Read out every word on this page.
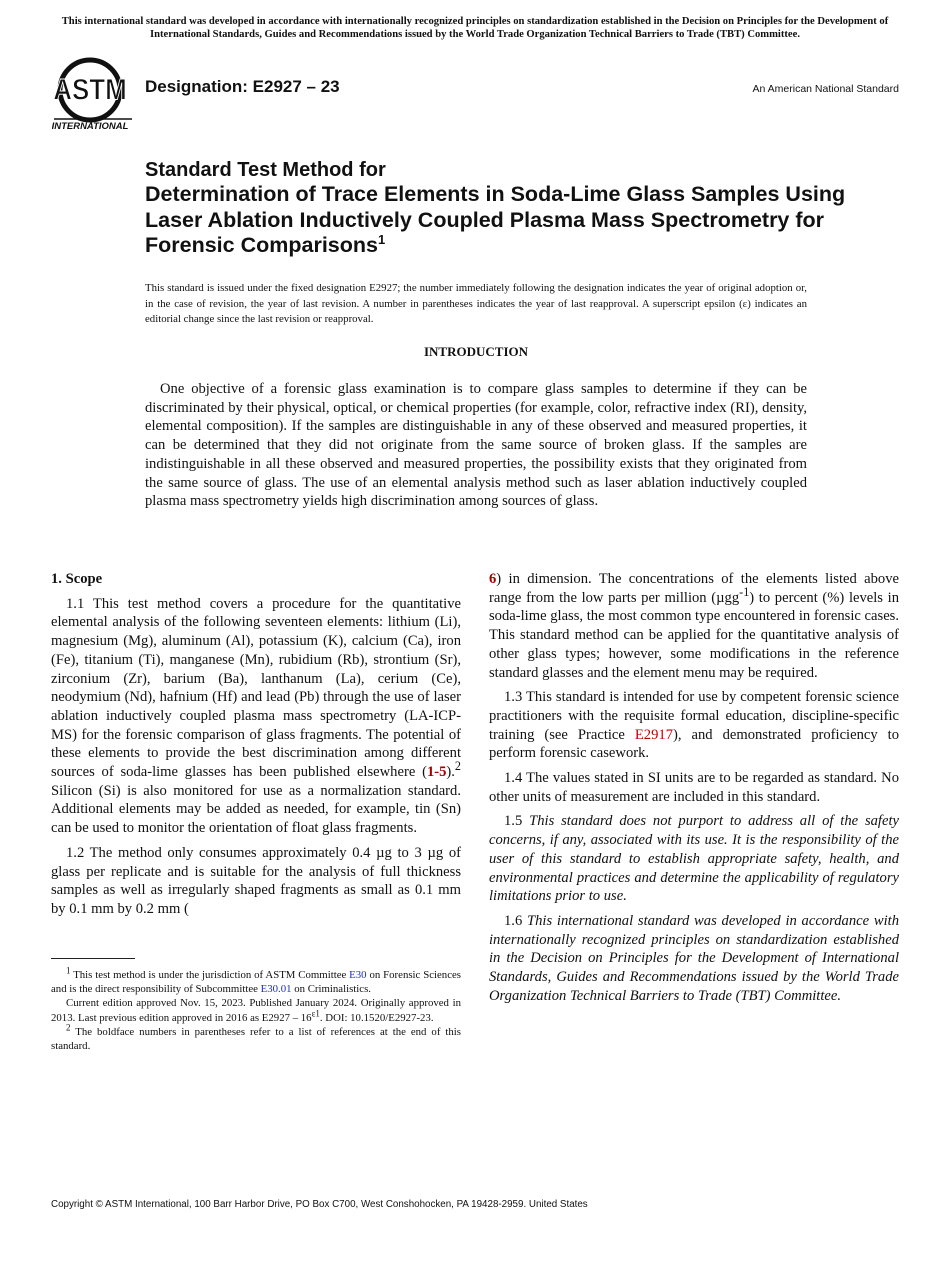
This international standard was developed in accordance with internationally recognized principles on standardization established in the Decision on Principles for the Development of International Standards, Guides and Recommendations issued by the World Trade Organization Technical Barriers to Trade (TBT) Committee.
ASTM
INTERNATIONAL
Designation: E2927 – 23	An American National Standard
Standard Test Method for
Determination of Trace Elements in Soda-Lime Glass Samples Using Laser Ablation Inductively Coupled Plasma Mass Spectrometry for Forensic Comparisons$^1$
This standard is issued under the fixed designation E2927; the number immediately following the designation indicates the year of original adoption or, in the case of revision, the year of last revision. A number in parentheses indicates the year of last reapproval. A superscript epsilon (ε) indicates an editorial change since the last revision or reapproval.
INTRODUCTION

One objective of a forensic glass examination is to compare glass samples to determine if they can be discriminated by their physical, optical, or chemical properties (for example, color, refractive index (RI), density, elemental composition). If the samples are distinguishable in any of these observed and measured properties, it can be determined that they did not originate from the same source of broken glass. If the samples are indistinguishable in all these observed and measured properties, the possibility exists that they originated from the same source of glass. The use of an elemental analysis method such as laser ablation inductively coupled plasma mass spectrometry yields high discrimination among sources of glass.

1. Scope

1.1 This test method covers a procedure for the quantitative elemental analysis of the following seventeen elements: lithium (Li), magnesium (Mg), aluminum (Al), potassium (K), calcium (Ca), iron (Fe), titanium (Ti), manganese (Mn), rubidium (Rb), strontium (Sr), zirconium (Zr), barium (Ba), lanthanum (La), cerium (Ce), neodymium (Nd), hafnium (Hf) and lead (Pb) through the use of laser ablation inductively coupled plasma mass spectrometry (LA-ICP-MS) for the forensic comparison of glass fragments. The potential of these elements to provide the best discrimination among different sources of soda-lime glasses has been published elsewhere (1-5).$^2$ Silicon (Si) is also monitored for use as a normalization standard. Additional elements may be added as needed, for example, tin (Sn) can be used to monitor the orientation of float glass fragments.

1.2 The method only consumes approximately 0.4 µg to 3 µg of glass per replicate and is suitable for the analysis of full thickness samples as well as irregularly shaped fragments as small as 0.1 mm by 0.1 mm by 0.2 mm (

$^1$ This test method is under the jurisdiction of ASTM Committee E30 on Forensic Sciences and is the direct responsibility of Subcommittee E30.01 on Criminalistics.

Current edition approved Nov. 15, 2023. Published January 2024. Originally approved in 2013. Last previous edition approved in 2016 as $E2927 - 16^{\varepsilon 1}$. DOI: 10.1520/E2927-23.

$^2$ The boldface numbers in parentheses refer to a list of references at the end of this standard.

6) in dimension. The concentrations of the elements listed above range from the low parts per million (µgg$^{-1}$) to percent (%) levels in soda-lime glass, the most common type encountered in forensic cases. This standard method can be applied for the quantitative analysis of other glass types; however, some modifications in the reference standard glasses and the element menu may be required.

1.3 This standard is intended for use by competent forensic science practitioners with the requisite formal education, discipline-specific training (see Practice E2917), and demonstrated proficiency to perform forensic casework.

1.4 The values stated in SI units are to be regarded as standard. No other units of measurement are included in this standard.

1.5 This standard does not purport to address all of the safety concerns, if any, associated with its use. It is the responsibility of the user of this standard to establish appropriate safety, health, and environmental practices and determine the applicability of regulatory limitations prior to use.

1.6 This international standard was developed in accordance with internationally recognized principles on standardization established in the Decision on Principles for the Development of International Standards, Guides and Recommendations issued by the World Trade Organization Technical Barriers to Trade (TBT) Committee.

Copyright © ASTM International, 100 Barr Harbor Drive, PO Box C700, West Conshohocken, PA 19428-2959. United States
